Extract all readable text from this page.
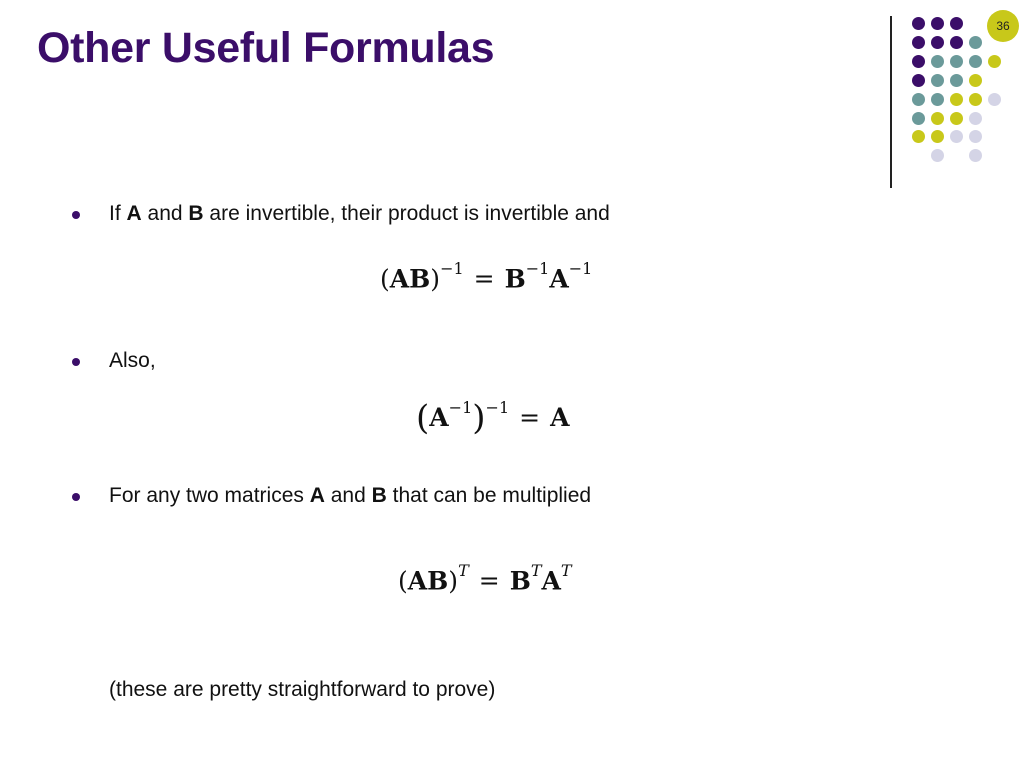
Other Useful Formulas	36
If A and B are invertible, their product is invertible and
$(AB)^{-1} = B^{-1}A^{-1}$
Also,
$(A^{-1})^{-1} = A$
For any two matrices A and B that can be multiplied
$(AB)^T = B^TA^T$
(these are pretty straightforward to prove)
